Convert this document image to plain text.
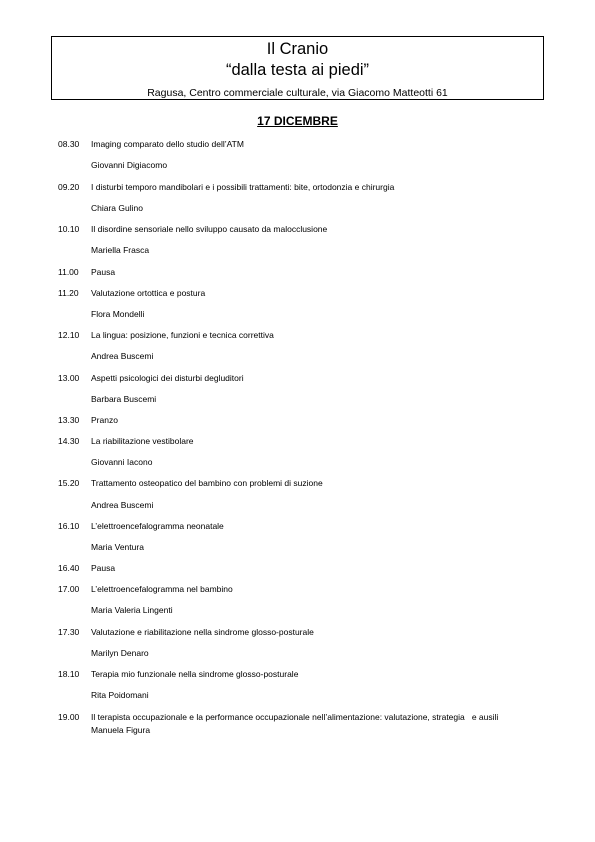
Il Cranio
“dalla testa ai piedi”
Ragusa, Centro commerciale culturale, via Giacomo Matteotti 61
17 DICEMBRE
08.30 Imaging comparato dello studio dell’ATM
Giovanni Digiacomo
09.20 I disturbi temporo mandibolari e i possibili trattamenti: bite, ortodonzia e chirurgia
Chiara Gulino
10.10 Il disordine sensoriale nello sviluppo causato da malocclusione
Mariella Frasca
11.00 Pausa
11.20 Valutazione ortottica e postura
Flora Mondelli
12.10 La lingua: posizione, funzioni e tecnica correttiva
Andrea Buscemi
13.00 Aspetti psicologici dei disturbi degluditori
Barbara Buscemi
13.30 Pranzo
14.30 La riabilitazione vestibolare
Giovanni Iacono
15.20 Trattamento osteopatico del bambino con problemi di suzione
Andrea Buscemi
16.10 L’elettroencefalogramma neonatale
Maria Ventura
16.40 Pausa
17.00 L’elettroencefalogramma nel bambino
Maria Valeria Lingenti
17.30 Valutazione e riabilitazione nella sindrome glosso-posturale
Marilyn Denaro
18.10 Terapia mio funzionale nella sindrome glosso-posturale
Rita Poidomani
19.00 Il terapista occupazionale e la performance occupazionale nell’alimentazione: valutazione, strategia   e ausili
Manuela Figura
